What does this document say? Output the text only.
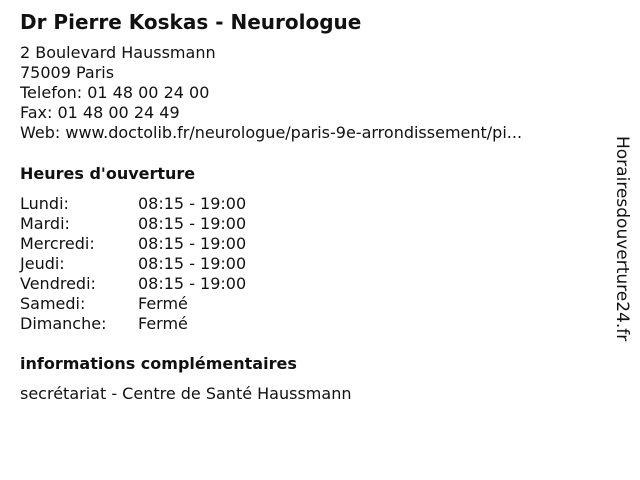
Dr Pierre Koskas - Neurologue
2 Boulevard Haussmann
75009 Paris
Telefon: 01 48 00 24 00
Fax: 01 48 00 24 49
Web: www.doctolib.fr/neurologue/paris-9e-arrondissement/pi...
Heures d'ouverture
Lundi:	08:15 - 19:00
Mardi:	08:15 - 19:00
Mercredi:	08:15 - 19:00
Jeudi:	08:15 - 19:00
Vendredi:	08:15 - 19:00
Samedi:	Fermé
Dimanche:	Fermé
informations complémentaires
secrétariat - Centre de Santé Haussmann
Horairesdouverture24.fr
